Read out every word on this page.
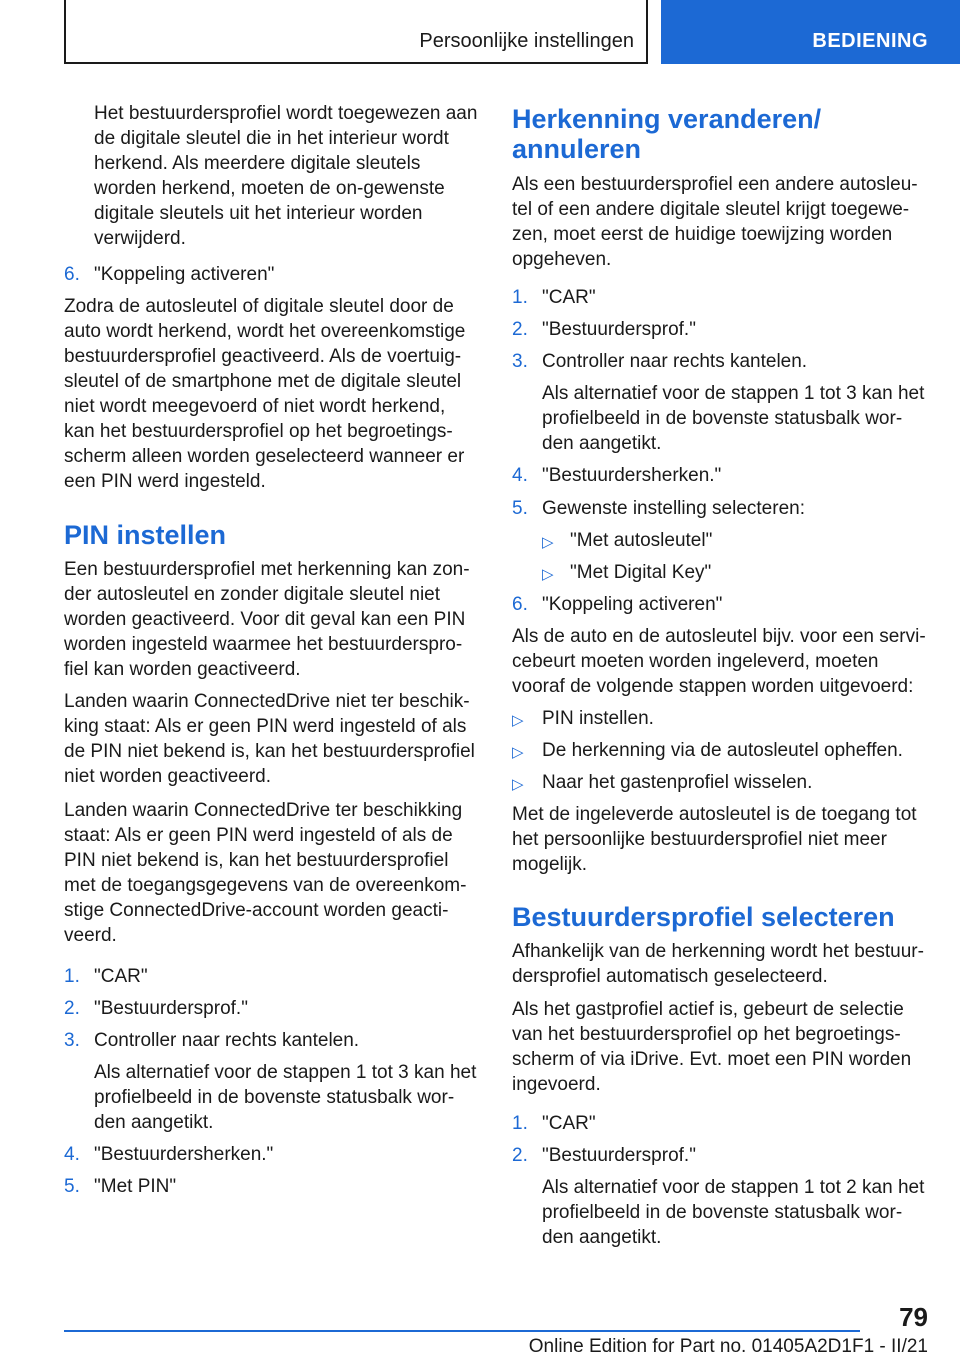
Persoonlijke instellingen	BEDIENING
Het bestuurdersprofiel wordt toegewezen aan de digitale sleutel die in het interieur wordt herkend. Als meerdere digitale sleutels worden herkend, moeten de on-gewenste digitale sleutels uit het interieur worden verwijderd.
6. "Koppeling activeren"
Zodra de autosleutel of digitale sleutel door de auto wordt herkend, wordt het overeenkomstige bestuurdersprofiel geactiveerd. Als de voertuig-sleutel of de smartphone met de digitale sleutel niet wordt meegevoerd of niet wordt herkend, kan het bestuurdersprofiel op het begroetings-scherm alleen worden geselecteerd wanneer er een PIN werd ingesteld.
PIN instellen
Een bestuurdersprofiel met herkenning kan zon-der autosleutel en zonder digitale sleutel niet worden geactiveerd. Voor dit geval kan een PIN worden ingesteld waarmee het bestuurderspro-fiel kan worden geactiveerd.
Landen waarin ConnectedDrive niet ter beschik-king staat: Als er geen PIN werd ingesteld of als de PIN niet bekend is, kan het bestuurdersprofiel niet worden geactiveerd.
Landen waarin ConnectedDrive ter beschikking staat: Als er geen PIN werd ingesteld of als de PIN niet bekend is, kan het bestuurdersprofiel met de toegangsgegevens van de overeenkom-stige ConnectedDrive-account worden geacti-veerd.
1. "CAR"
2. "Bestuurdersprof."
3. Controller naar rechts kantelen.
Als alternatief voor de stappen 1 tot 3 kan het profielbeeld in de bovenste statusbalk wor-den aangetikt.
4. "Bestuurdersherken."
5. "Met PIN"
Herkenning veranderen/ annuleren
Als een bestuurdersprofiel een andere autosleu-tel of een andere digitale sleutel krijgt toegewe-zen, moet eerst de huidige toewijzing worden opgeheven.
1. "CAR"
2. "Bestuurdersprof."
3. Controller naar rechts kantelen.
Als alternatief voor de stappen 1 tot 3 kan het profielbeeld in de bovenste statusbalk wor-den aangetikt.
4. "Bestuurdersherken."
5. Gewenste instelling selecteren:
▷ "Met autosleutel"
▷ "Met Digital Key"
6. "Koppeling activeren"
Als de auto en de autosleutel bijv. voor een servi-cebeurt moeten worden ingeleverd, moeten vooraf de volgende stappen worden uitgevoerd:
▷ PIN instellen.
▷ De herkenning via de autosleutel opheffen.
▷ Naar het gastenprofiel wisselen.
Met de ingeleverde autosleutel is de toegang tot het persoonlijke bestuurdersprofiel niet meer mogelijk.
Bestuurdersprofiel selecteren
Afhankelijk van de herkenning wordt het bestuur-dersprofiel automatisch geselecteerd.
Als het gastprofiel actief is, gebeurt de selectie van het bestuurdersprofiel op het begroetings-scherm of via iDrive. Evt. moet een PIN worden ingevoerd.
1. "CAR"
2. "Bestuurdersprof."
Als alternatief voor de stappen 1 tot 2 kan het profielbeeld in de bovenste statusbalk wor-den aangetikt.
79
Online Edition for Part no. 01405A2D1F1 - II/21
